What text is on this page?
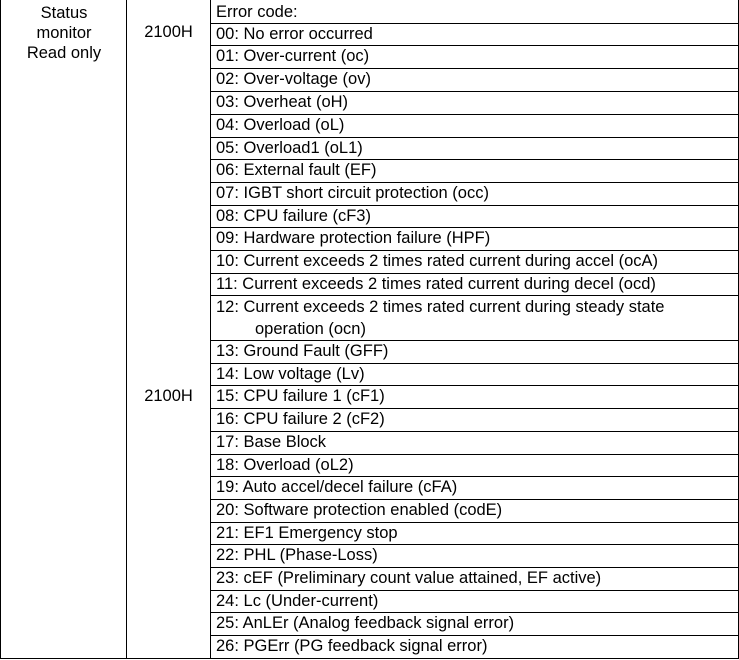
Status
monitor
Read only
2100H
2100H
Error code:
00: No error occurred
01: Over-current (oc)
02: Over-voltage (ov)
03: Overheat (oH)
04: Overload (oL)
05: Overload1 (oL1)
06: External fault (EF)
07: IGBT short circuit protection (occ)
08: CPU failure (cF3)
09: Hardware protection failure (HPF)
10: Current exceeds 2 times rated current during accel (ocA)
11: Current exceeds 2 times rated current during decel (ocd)
12: Current exceeds 2 times rated current during steady state
operation (ocn)
13: Ground Fault (GFF)
14: Low voltage (Lv)
15: CPU failure 1 (cF1)
16: CPU failure 2 (cF2)
17: Base Block
18: Overload (oL2)
19: Auto accel/decel failure (cFA)
20: Software protection enabled (codE)
21: EF1 Emergency stop
22: PHL (Phase-Loss)
23: cEF (Preliminary count value attained, EF active)
24: Lc (Under-current)
25: AnLEr (Analog feedback signal error)
26: PGErr (PG feedback signal error)
